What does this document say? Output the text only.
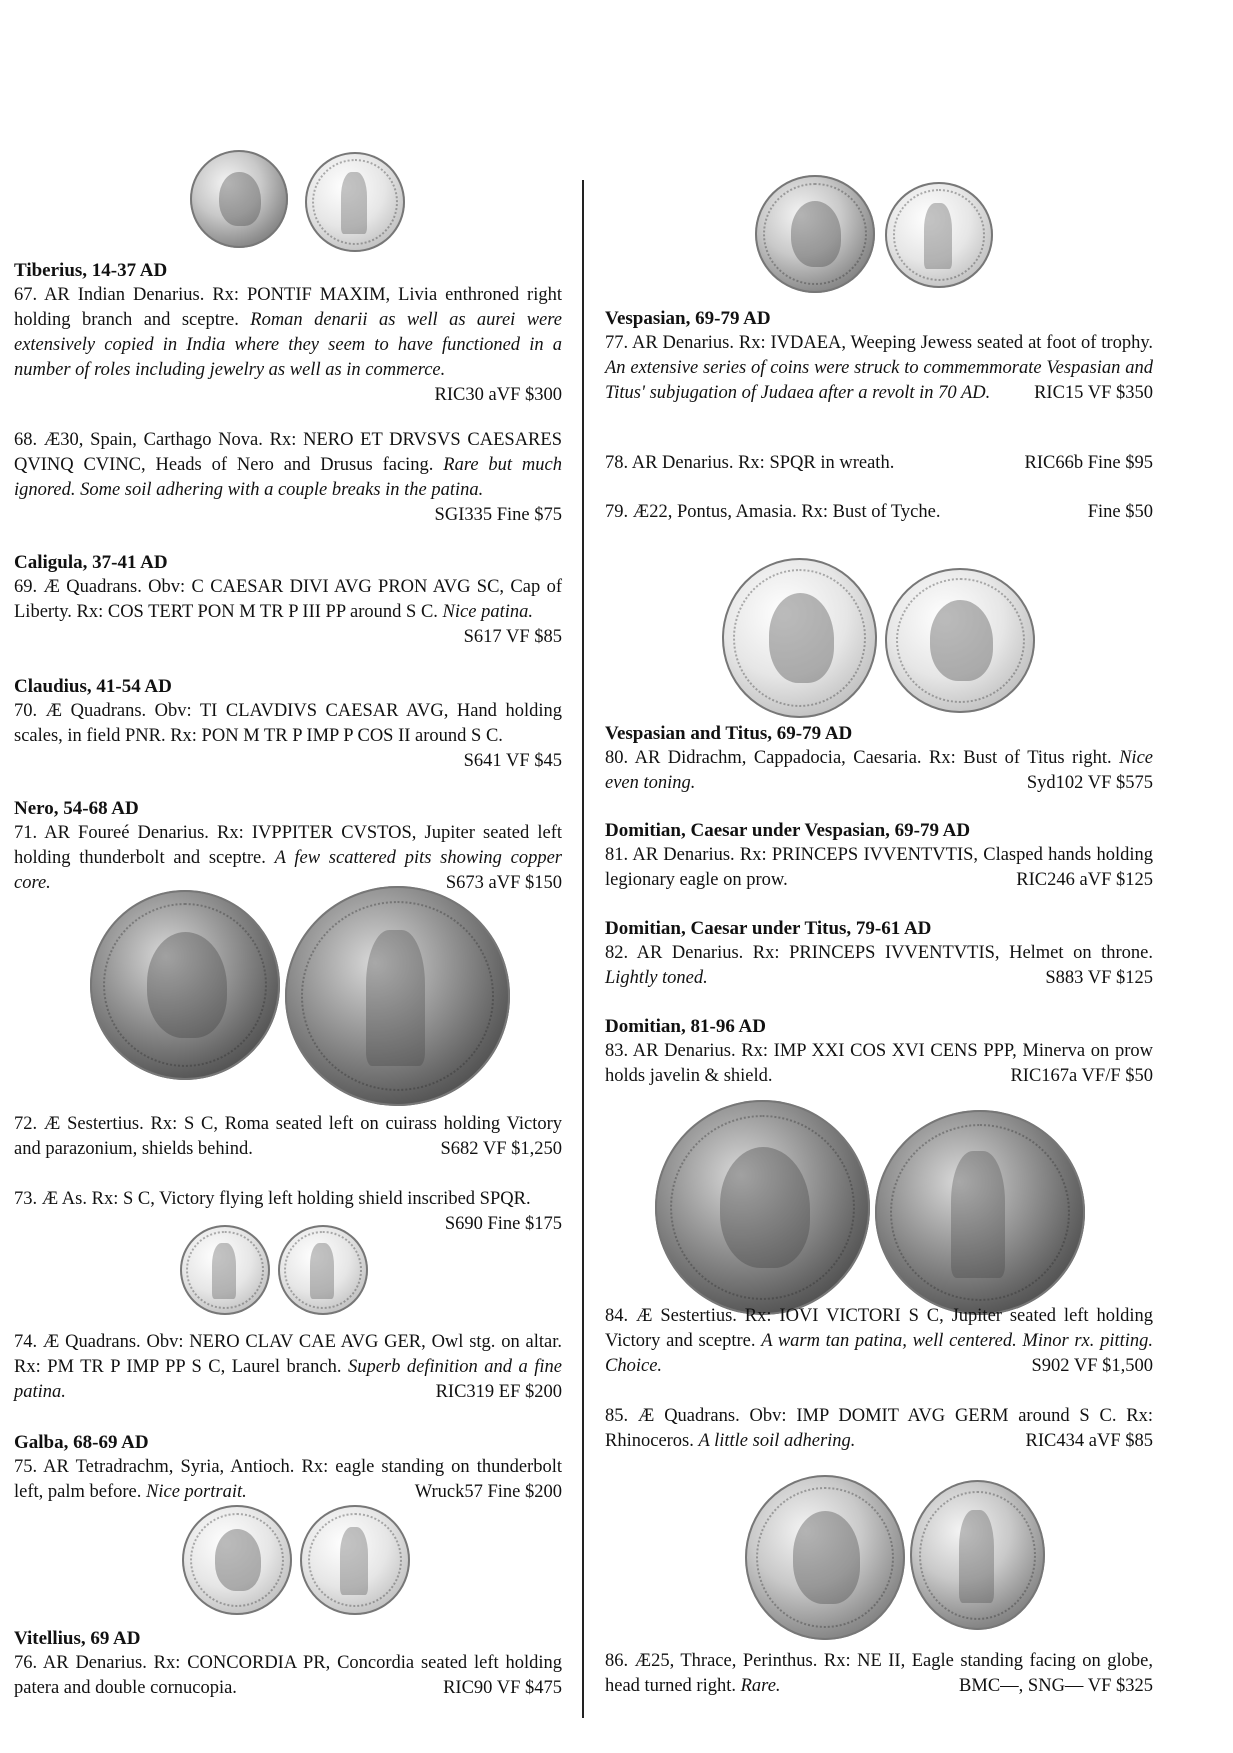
Tiberius, 14-37 AD

67. AR Indian Denarius. Rx: PONTIF MAXIM, Livia enthroned right holding branch and sceptre. Roman denarii as well as aurei were extensively copied in India where they seem to have functioned in a number of roles including jewelry as well as in commerce.
RIC30 aVF $300

68. Æ30, Spain, Carthago Nova. Rx: NERO ET DRVSVS CAESARES QVINQ CVINC, Heads of Nero and Drusus facing. Rare but much ignored. Some soil adhering with a couple breaks in the patina.
SGI335 Fine $75

Caligula, 37-41 AD

69. Æ Quadrans. Obv: C CAESAR DIVI AVG PRON AVG SC, Cap of Liberty. Rx: COS TERT PON M TR P III PP around S C. Nice patina.
S617 VF $85

Claudius, 41-54 AD

70. Æ Quadrans. Obv: TI CLAVDIVS CAESAR AVG, Hand holding scales, in field PNR. Rx: PON M TR P IMP P COS II around S C.
S641 VF $45

Nero, 54-68 AD

71. AR Foureé Denarius. Rx: IVPPITER CVSTOS, Jupiter seated left holding thunderbolt and sceptre. A few scattered pits showing copper core.	S673 aVF $150

72. Æ Sestertius. Rx: S C, Roma seated left on cuirass holding Victory and parazonium, shields behind.	S682 VF $1,250

73. Æ As. Rx: S C, Victory flying left holding shield inscribed SPQR.
S690 Fine $175

74. Æ Quadrans. Obv: NERO CLAV CAE AVG GER, Owl stg. on altar. Rx: PM TR P IMP PP S C, Laurel branch. Superb definition and a fine patina.	RIC319 EF $200

Galba, 68-69 AD

75. AR Tetradrachm, Syria, Antioch. Rx: eagle standing on thunderbolt left, palm before. Nice portrait.	Wruck57 Fine $200

Vitellius, 69 AD

76. AR Denarius. Rx: CONCORDIA PR, Concordia seated left holding patera and double cornucopia.	RIC90 VF $475

Vespasian, 69-79 AD

77. AR Denarius. Rx: IVDAEA, Weeping Jewess seated at foot of trophy. An extensive series of coins were struck to commemmorate Vespasian and Titus' subjugation of Judaea after a revolt in 70 AD. RIC15 VF $350

78. AR Denarius. Rx: SPQR in wreath.	RIC66b Fine $95

79. Æ22, Pontus, Amasia. Rx: Bust of Tyche.	Fine $50

Vespasian and Titus, 69-79 AD

80. AR Didrachm, Cappadocia, Caesaria. Rx: Bust of Titus right. Nice even toning.	Syd102 VF $575

Domitian, Caesar under Vespasian, 69-79 AD

81. AR Denarius. Rx: PRINCEPS IVVENTVTIS, Clasped hands holding legionary eagle on prow.	RIC246 aVF $125

Domitian, Caesar under Titus, 79-61 AD

82. AR Denarius. Rx: PRINCEPS IVVENTVTIS, Helmet on throne. Lightly toned.	S883 VF $125

Domitian, 81-96 AD

83. AR Denarius. Rx: IMP XXI COS XVI CENS PPP, Minerva on prow holds javelin & shield.	RIC167a VF/F $50

84. Æ Sestertius. Rx: IOVI VICTORI S C, Jupiter seated left holding Victory and sceptre. A warm tan patina, well centered. Minor rx. pitting. Choice.	S902 VF $1,500

85. Æ Quadrans. Obv: IMP DOMIT AVG GERM around S C. Rx: Rhinoceros. A little soil adhering.	RIC434 aVF $85

86. Æ25, Thrace, Perinthus. Rx: NE II, Eagle standing facing on globe, head turned right. Rare.	BMC—, SNG— VF $325
